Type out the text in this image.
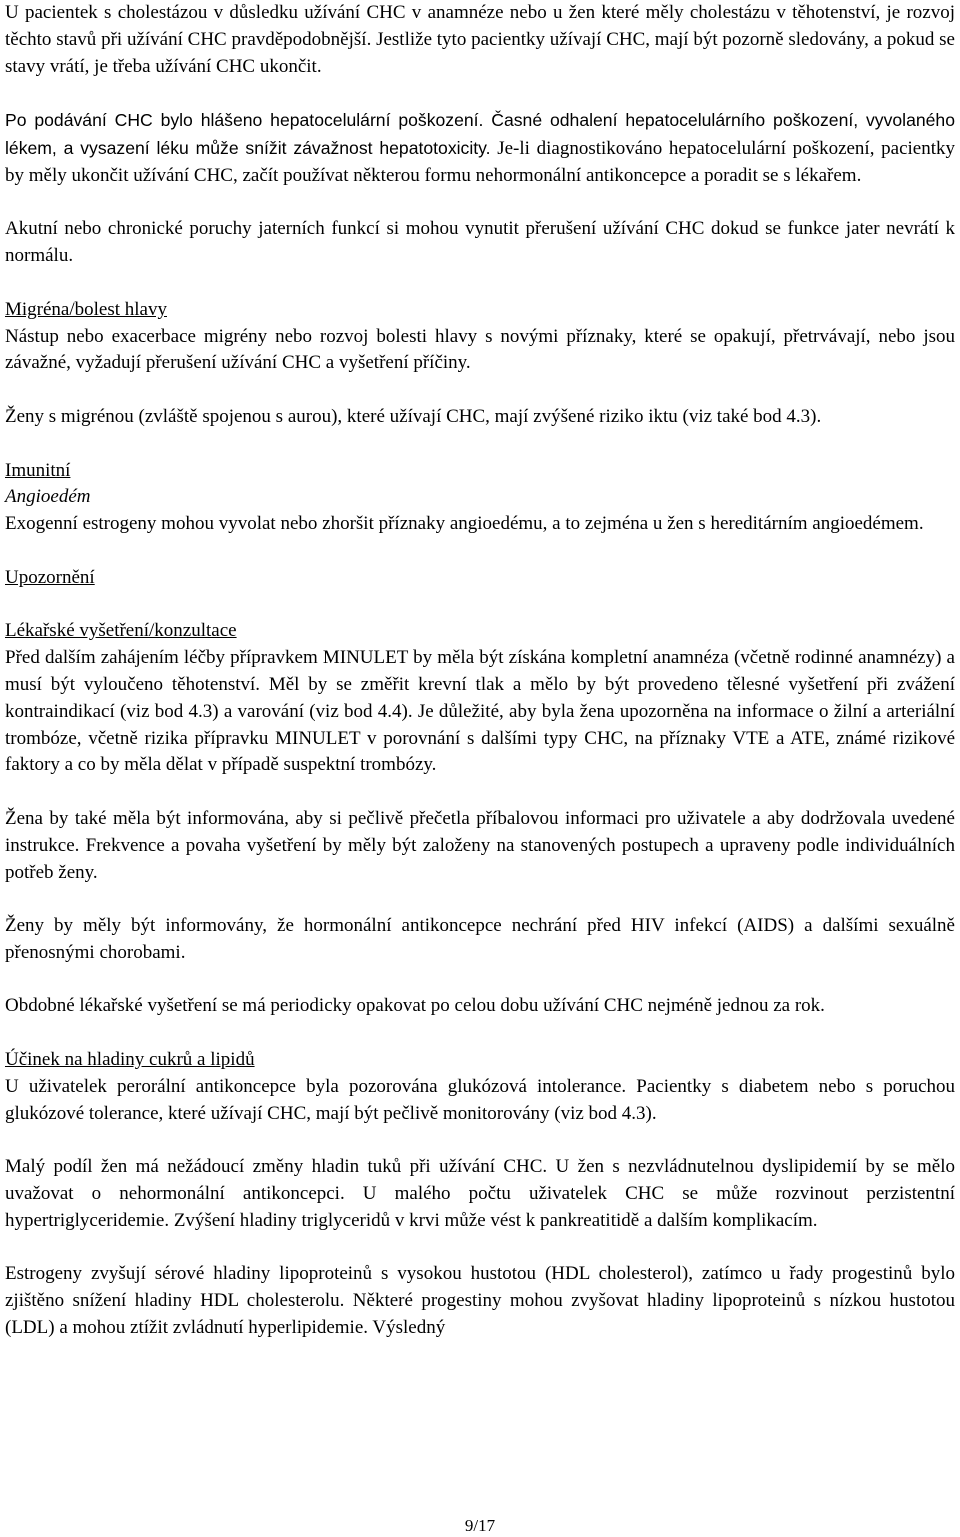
U pacientek s cholestázou v důsledku užívání CHC v anamnéze nebo u žen které měly cholestázu v těhotenství, je rozvoj těchto stavů při užívání CHC pravděpodobnější. Jestliže tyto pacientky užívají CHC, mají být pozorně sledovány, a pokud se stavy vrátí, je třeba užívání CHC ukončit.

Po podávání CHC bylo hlášeno hepatocelulární poškození. Časné odhalení hepatocelulárního poškození, vyvolaného lékem, a vysazení léku může snížit závažnost hepatotoxicity. Je-li diagnostikováno hepatocelulární poškození, pacientky by měly ukončit užívání CHC, začít používat některou formu nehormonální antikoncepce a poradit se s lékařem.

Akutní nebo chronické poruchy jaterních funkcí si mohou vynutit přerušení užívání CHC dokud se funkce jater nevrátí k normálu.

Migréna/bolest hlavy

Nástup nebo exacerbace migrény nebo rozvoj bolesti hlavy s novými příznaky, které se opakují, přetrvávají, nebo jsou závažné, vyžadují přerušení užívání CHC a vyšetření příčiny.

Ženy s migrénou (zvláště spojenou s aurou), které užívají CHC, mají zvýšené riziko iktu (viz také bod 4.3).

Imunitní

Angioedém

Exogenní estrogeny mohou vyvolat nebo zhoršit příznaky angioedému, a to zejména u žen s hereditárním angioedémem.

Upozornění

Lékařské vyšetření/konzultace

Před dalším zahájením léčby přípravkem MINULET by měla být získána kompletní anamnéza (včetně rodinné anamnézy) a musí být vyloučeno těhotenství. Měl by se změřit krevní tlak a mělo by být provedeno tělesné vyšetření při zvážení kontraindikací (viz bod 4.3) a varování (viz bod 4.4). Je důležité, aby byla žena upozorněna na informace o žilní a arteriální trombóze, včetně rizika přípravku MINULET v porovnání s dalšími typy CHC, na příznaky VTE a ATE, známé rizikové faktory a co by měla dělat v případě suspektní trombózy.

Žena by také měla být informována, aby si pečlivě přečetla příbalovou informaci pro uživatele a aby dodržovala uvedené instrukce. Frekvence a povaha vyšetření by měly být založeny na stanovených postupech a upraveny podle individuálních potřeb ženy.

Ženy by měly být informovány, že hormonální antikoncepce nechrání před HIV infekcí (AIDS) a dalšími sexuálně přenosnými chorobami.

Obdobné lékařské vyšetření se má periodicky opakovat po celou dobu užívání CHC nejméně jednou za rok.

Účinek na hladiny cukrů a lipidů

U uživatelek perorální antikoncepce byla pozorována glukózová intolerance. Pacientky s diabetem nebo s poruchou glukózové tolerance, které užívají CHC, mají být pečlivě monitorovány (viz bod 4.3).

Malý podíl žen má nežádoucí změny hladin tuků při užívání CHC. U žen s nezvládnutelnou dyslipidemií by se mělo uvažovat o nehormonální antikoncepci. U malého počtu uživatelek CHC se může rozvinout perzistentní hypertriglyceridemie. Zvýšení hladiny triglyceridů v krvi může vést k pankreatitidě a dalším komplikacím.

Estrogeny zvyšují sérové hladiny lipoproteinů s vysokou hustotou (HDL cholesterol), zatímco u řady progestinů bylo zjištěno snížení hladiny HDL cholesterolu. Některé progestiny mohou zvyšovat hladiny lipoproteinů s nízkou hustotou (LDL) a mohou ztížit zvládnutí hyperlipidemie. Výsledný

9/17
